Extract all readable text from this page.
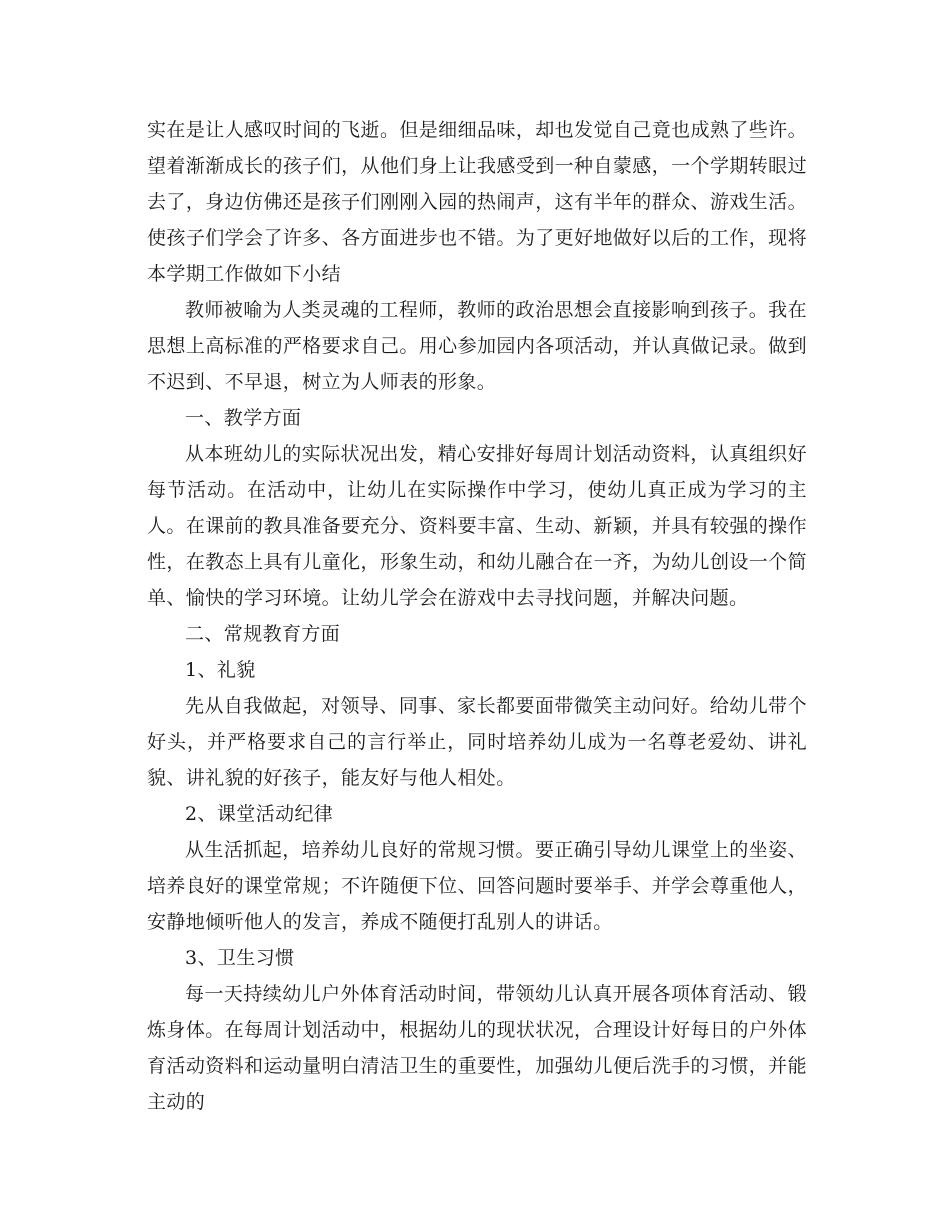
实在是让人感叹时间的飞逝。但是细细品味，却也发觉自己竟也成熟了些许。望着渐渐成长的孩子们，从他们身上让我感受到一种自蒙感，一个学期转眼过去了，身边仿佛还是孩子们刚刚入园的热闹声，这有半年的群众、游戏生活。使孩子们学会了许多、各方面进步也不错。为了更好地做好以后的工作，现将本学期工作做如下小结

教师被喻为人类灵魂的工程师，教师的政治思想会直接影响到孩子。我在思想上高标准的严格要求自己。用心参加园内各项活动，并认真做记录。做到不迟到、不早退，树立为人师表的形象。

一、教学方面

从本班幼儿的实际状况出发，精心安排好每周计划活动资料，认真组织好每节活动。在活动中，让幼儿在实际操作中学习，使幼儿真正成为学习的主人。在课前的教具准备要充分、资料要丰富、生动、新颖，并具有较强的操作性，在教态上具有儿童化，形象生动，和幼儿融合在一齐，为幼儿创设一个简单、愉快的学习环境。让幼儿学会在游戏中去寻找问题，并解决问题。

二、常规教育方面

1、礼貌

先从自我做起，对领导、同事、家长都要面带微笑主动问好。给幼儿带个好头，并严格要求自己的言行举止，同时培养幼儿成为一名尊老爱幼、讲礼貌、讲礼貌的好孩子，能友好与他人相处。

2、课堂活动纪律

从生活抓起，培养幼儿良好的常规习惯。要正确引导幼儿课堂上的坐姿、培养良好的课堂常规；不许随便下位、回答问题时要举手、并学会尊重他人，安静地倾听他人的发言，养成不随便打乱别人的讲话。

3、卫生习惯

每一天持续幼儿户外体育活动时间，带领幼儿认真开展各项体育活动、锻炼身体。在每周计划活动中，根据幼儿的现状状况，合理设计好每日的户外体育活动资料和运动量明白清洁卫生的重要性，加强幼儿便后洗手的习惯，并能主动的
